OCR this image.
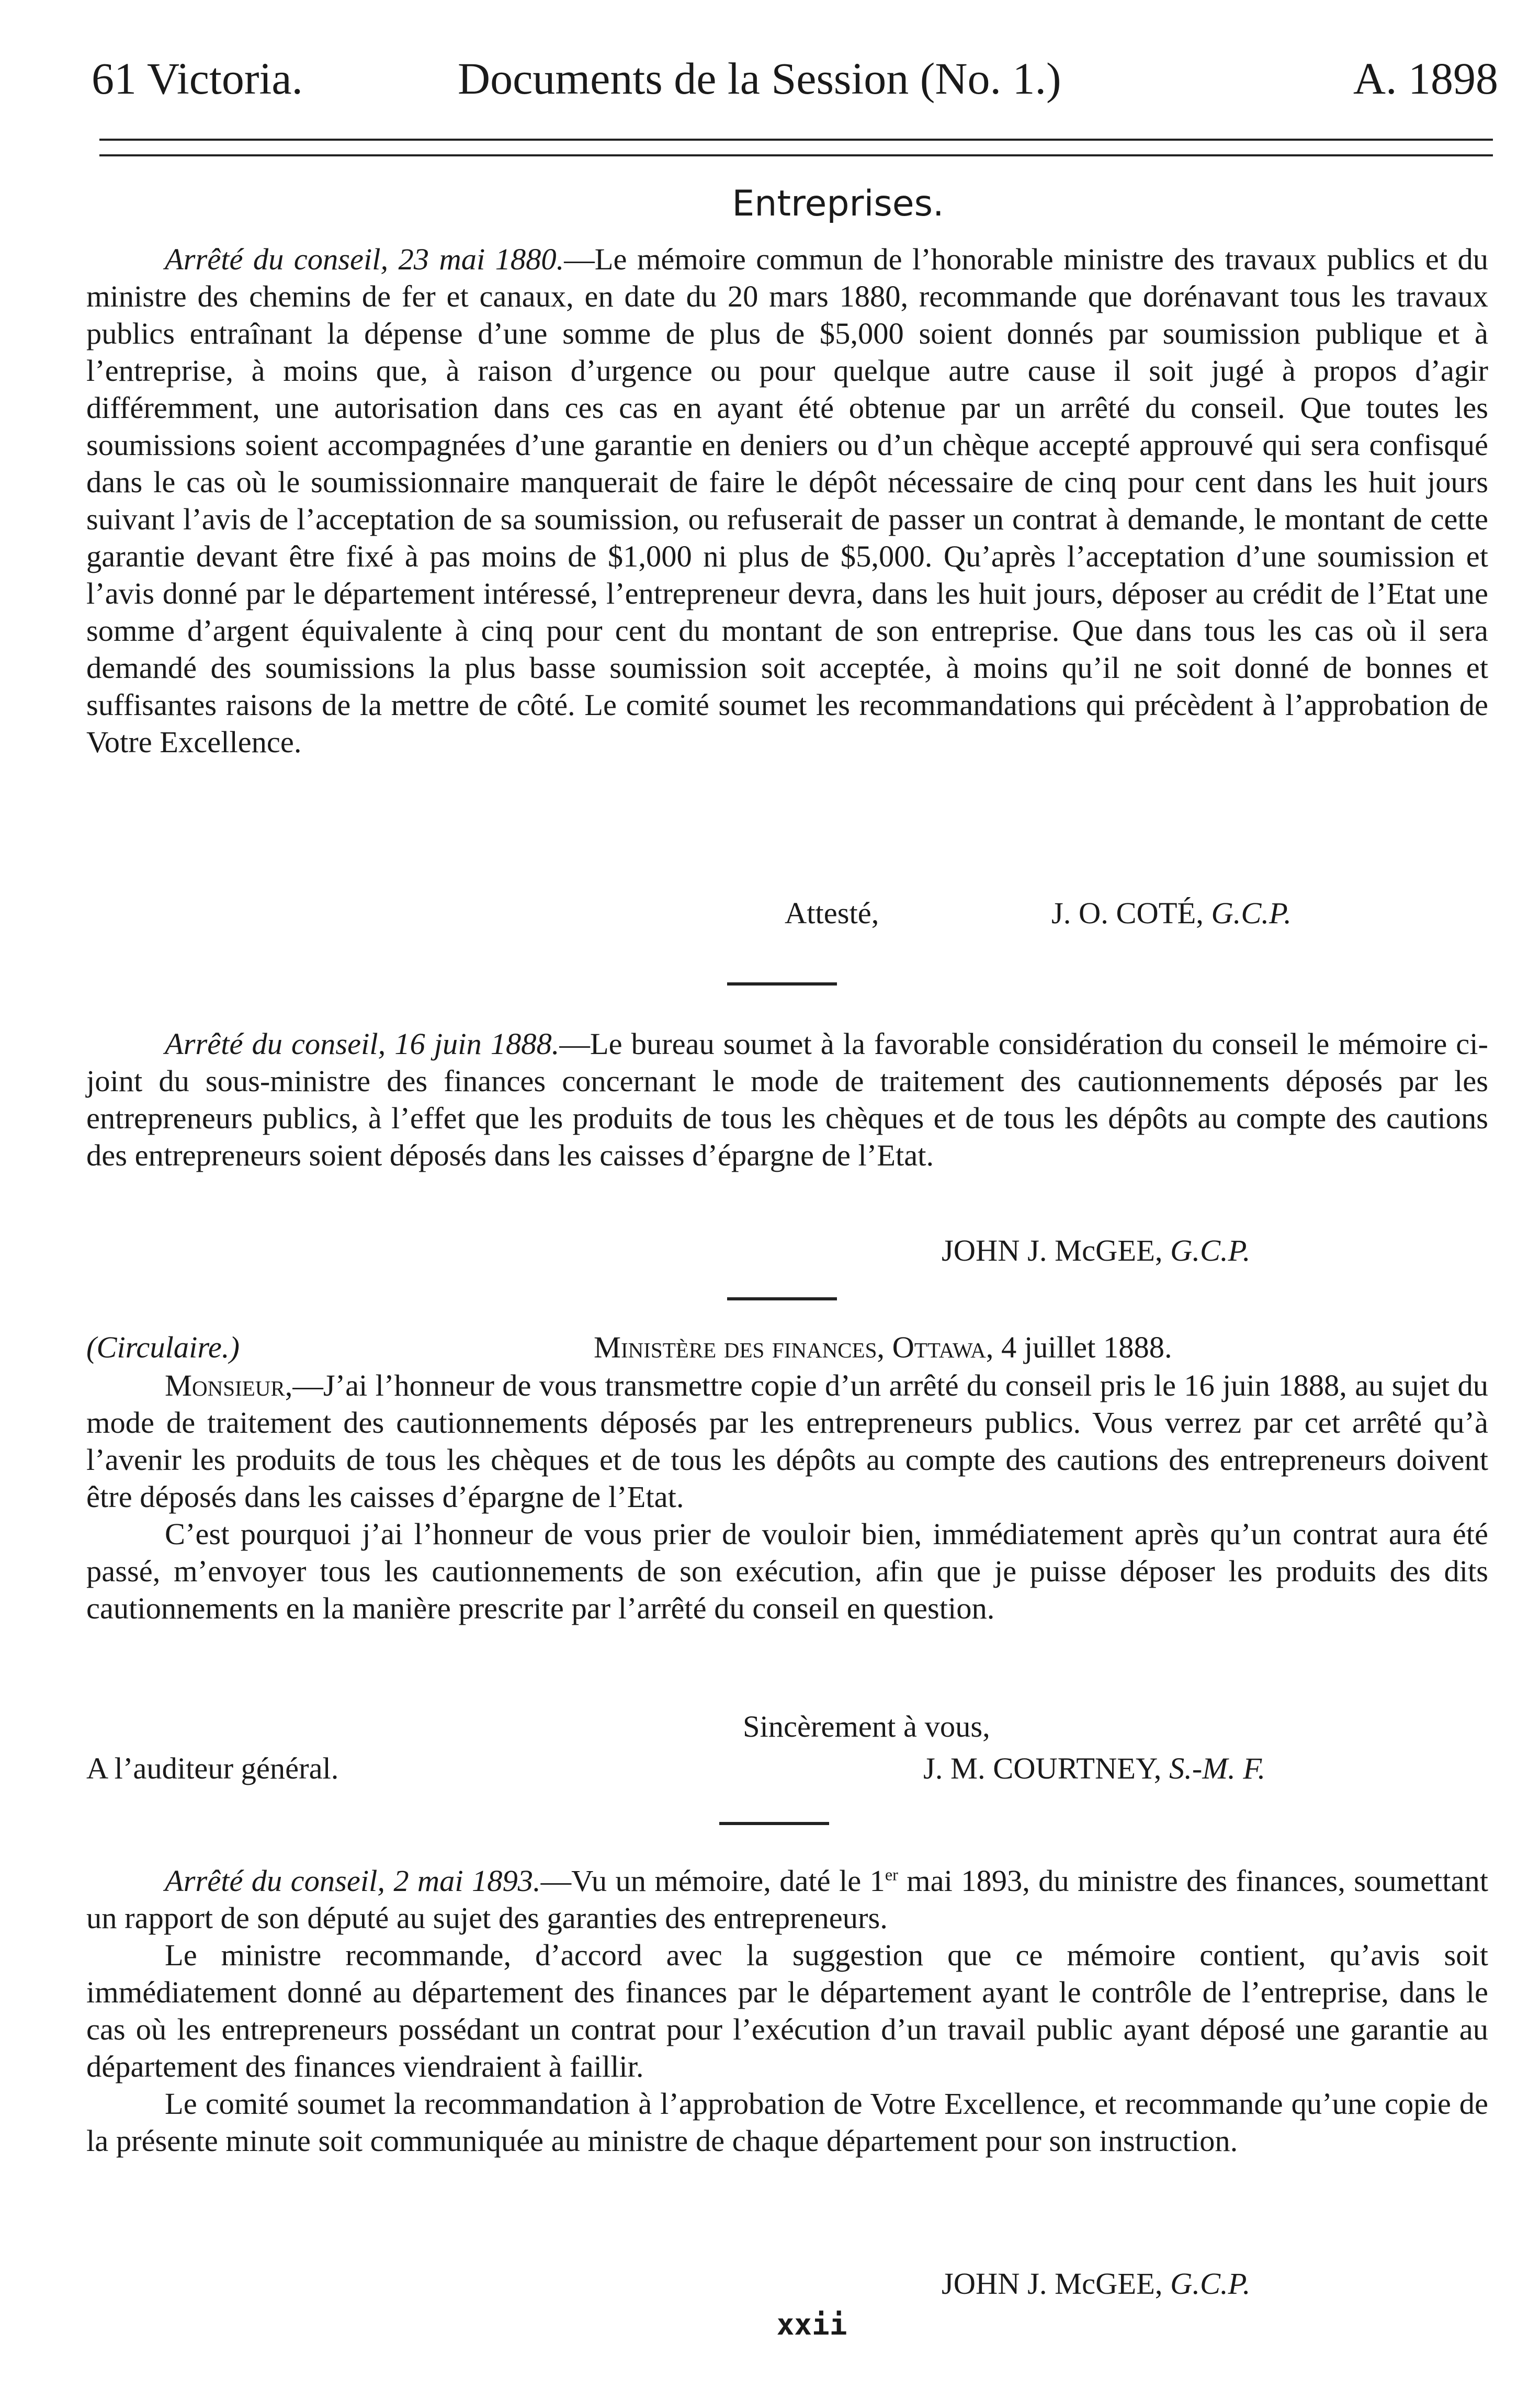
61 Victoria.	Documents de la Session (No. 1.)	A. 1898
Entreprises.

Arrêté du conseil, 23 mai 1880.—Le mémoire commun de l’honorable ministre des travaux publics et du ministre des chemins de fer et canaux, en date du 20 mars 1880, recommande que dorénavant tous les travaux publics entraînant la dépense d’une somme de plus de $5,000 soient donnés par soumission publique et à l’entreprise, à moins que, à raison d’urgence ou pour quelque autre cause il soit jugé à propos d’agir différemment, une autorisation dans ces cas en ayant été obtenue par un arrêté du conseil. Que toutes les soumissions soient accompagnées d’une garantie en deniers ou d’un chèque accepté approuvé qui sera confisqué dans le cas où le soumissionnaire manquerait de faire le dépôt nécessaire de cinq pour cent dans les huit jours suivant l’avis de l’acceptation de sa soumission, ou refuserait de passer un contrat à demande, le montant de cette garantie devant être fixé à pas moins de $1,000 ni plus de $5,000. Qu’après l’acceptation d’une soumission et l’avis donné par le département intéressé, l’entrepreneur devra, dans les huit jours, déposer au crédit de l’Etat une somme d’argent équivalente à cinq pour cent du montant de son entreprise. Que dans tous les cas où il sera demandé des soumissions la plus basse soumission soit acceptée, à moins qu’il ne soit donné de bonnes et suffisantes raisons de la mettre de côté. Le comité soumet les recommandations qui précèdent à l’approbation de Votre Excellence.

Attesté,	J. O. COTÉ, G.C.P.

Arrêté du conseil, 16 juin 1888.—Le bureau soumet à la favorable considération du conseil le mémoire ci-joint du sous-ministre des finances concernant le mode de traitement des cautionnements déposés par les entrepreneurs publics, à l’effet que les produits de tous les chèques et de tous les dépôts au compte des cautions des entrepreneurs soient déposés dans les caisses d’épargne de l’Etat.

JOHN J. McGEE, G.C.P.
(Circulaire.)	Ministère des finances, Ottawa, 4 juillet 1888.

Monsieur,—J’ai l’honneur de vous transmettre copie d’un arrêté du conseil pris le 16 juin 1888, au sujet du mode de traitement des cautionnements déposés par les entrepreneurs publics. Vous verrez par cet arrêté qu’à l’avenir les produits de tous les chèques et de tous les dépôts au compte des cautions des entrepreneurs doivent être déposés dans les caisses d’épargne de l’Etat.

C’est pourquoi j’ai l’honneur de vous prier de vouloir bien, immédiatement après qu’un contrat aura été passé, m’envoyer tous les cautionnements de son exécution, afin que je puisse déposer les produits des dits cautionnements en la manière prescrite par l’arrêté du conseil en question.

Sincèrement à vous,
A l’auditeur général.	J. M. COURTNEY, S.-M. F.

Arrêté du conseil, 2 mai 1893.—Vu un mémoire, daté le 1er mai 1893, du ministre des finances, soumettant un rapport de son député au sujet des garanties des entrepreneurs.

Le ministre recommande, d’accord avec la suggestion que ce mémoire contient, qu’avis soit immédiatement donné au département des finances par le département ayant le contrôle de l’entreprise, dans le cas où les entrepreneurs possédant un contrat pour l’exécution d’un travail public ayant déposé une garantie au département des finances viendraient à faillir.

Le comité soumet la recommandation à l’approbation de Votre Excellence, et recommande qu’une copie de la présente minute soit communiquée au ministre de chaque département pour son instruction.

JOHN J. McGEE, G.C.P.
xxii
